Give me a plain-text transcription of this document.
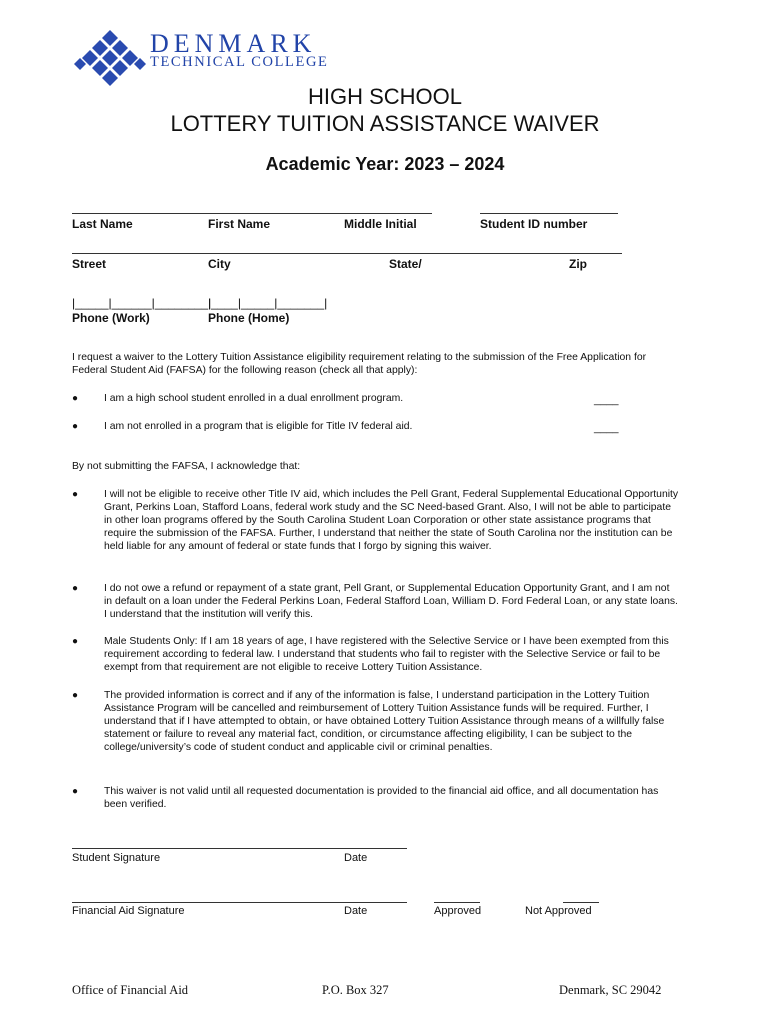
DENMARK
TECHNICAL COLLEGE
HIGH SCHOOL
LOTTERY TUITION ASSISTANCE WAIVER
Academic Year: 2023 – 2024
Last Name	First Name	Middle Initial	Student ID number
Street	City	State/	Zip
|_____|______|________|
|____|_____|_______|
Phone (Work)	Phone (Home)
I request a waiver to the Lottery Tuition Assistance eligibility requirement relating to the submission of the Free Application for Federal Student Aid (FAFSA) for the following reason (check all that apply):
● I am a high school student enrolled in a dual enrollment program.	____
● I am not enrolled in a program that is eligible for Title IV federal aid.	____
By not submitting the FAFSA, I acknowledge that:
● I will not be eligible to receive other Title IV aid, which includes the Pell Grant, Federal Supplemental Educational Opportunity Grant, Perkins Loan, Stafford Loans, federal work study and the SC Need-based Grant. Also, I will not be able to participate in other loan programs offered by the South Carolina Student Loan Corporation or other state assistance programs that require the submission of the FAFSA. Further, I understand that neither the state of South Carolina nor the institution can be held liable for any amount of federal or state funds that I forgo by signing this waiver.
● I do not owe a refund or repayment of a state grant, Pell Grant, or Supplemental Education Opportunity Grant, and I am not in default on a loan under the Federal Perkins Loan, Federal Stafford Loan, William D. Ford Federal Loan, or any state loans. I understand that the institution will verify this.
● Male Students Only: If I am 18 years of age, I have registered with the Selective Service or I have been exempted from this requirement according to federal law. I understand that students who fail to register with the Selective Service or fail to be exempt from that requirement are not eligible to receive Lottery Tuition Assistance.
● The provided information is correct and if any of the information is false, I understand participation in the Lottery Tuition Assistance Program will be cancelled and reimbursement of Lottery Tuition Assistance funds will be required. Further, I understand that if I have attempted to obtain, or have obtained Lottery Tuition Assistance through means of a willfully false statement or failure to reveal any material fact, condition, or circumstance affecting eligibility, I can be subject to the college/university’s code of student conduct and applicable civil or criminal penalties.
● This waiver is not valid until all requested documentation is provided to the financial aid office, and all documentation has been verified.
Student Signature	Date
Financial Aid Signature	Date	Approved	Not Approved
Office of Financial Aid	P.O. Box 327	Denmark, SC 29042
